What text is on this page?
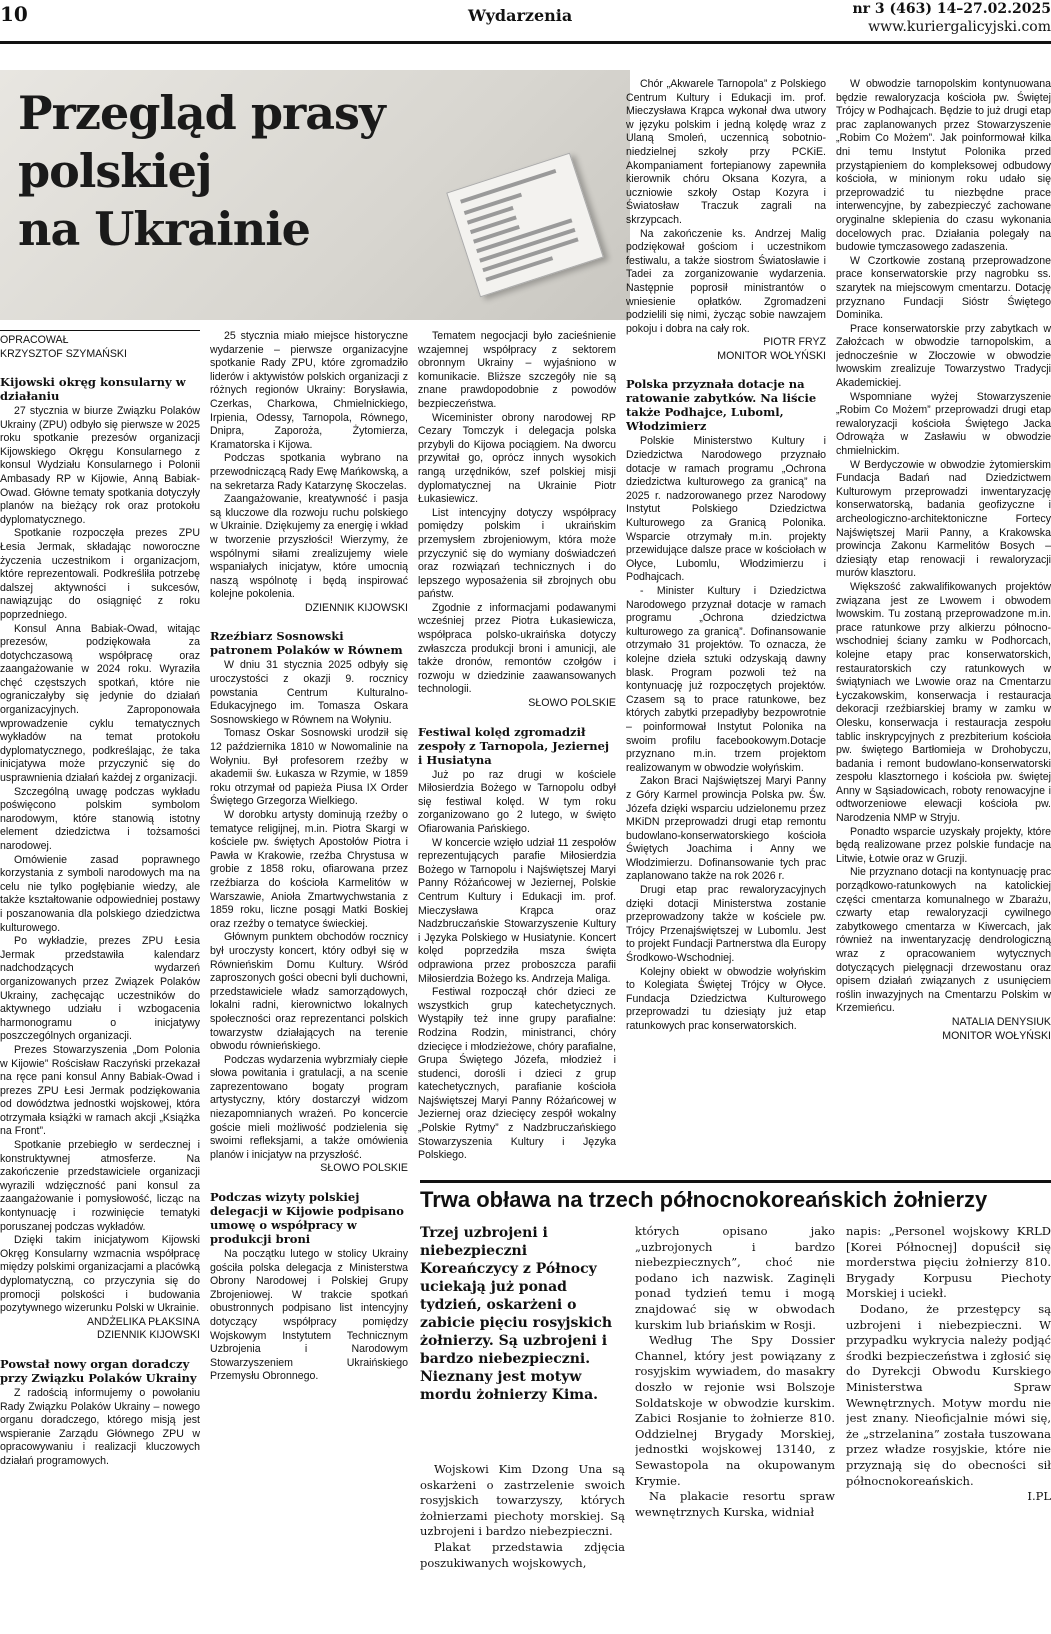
10	Wydarzenia	nr 3 (463) 14–27.02.2025
www.kuriergalicyjski.com
Przegląd prasy
polskiej
na Ukrainie
OPRACOWAŁ
KRZYSZTOF SZYMAŃSKI
Kijowski okręg konsularny w działaniu

27 stycznia w biurze Związku Polaków Ukrainy (ZPU) odbyło się pierwsze w 2025 roku spotkanie prezesów organizacji Kijowskiego Okręgu Konsularnego z konsul Wydziału Konsularnego i Polonii Ambasady RP w Kijowie, Anną Babiak-Owad. Główne tematy spotkania dotyczyły planów na bieżący rok oraz protokołu dyplomatycznego.

Spotkanie rozpoczęła prezes ZPU Łesia Jermak, składając noworoczne życzenia uczestnikom i organizacjom, które reprezentowali. Podkreśliła potrzebę dalszej aktywności i sukcesów, nawiązując do osiągnięć z roku poprzedniego.

Konsul Anna Babiak-Owad, witając prezesów, podziękowała za dotychczasową współpracę oraz zaangażowanie w 2024 roku. Wyraziła chęć częstszych spotkań, które nie ograniczałyby się jedynie do działań organizacyjnych. Zaproponowała wprowadzenie cyklu tematycznych wykładów na temat protokołu dyplomatycznego, podkreślając, że taka inicjatywa może przyczynić się do usprawnienia działań każdej z organizacji.

Szczególną uwagę podczas wykładu poświęcono polskim symbolom narodowym, które stanowią istotny element dziedzictwa i tożsamości narodowej.

Omówienie zasad poprawnego korzystania z symboli narodowych ma na celu nie tylko pogłębianie wiedzy, ale także kształtowanie odpowiedniej postawy i poszanowania dla polskiego dziedzictwa kulturowego.

Po wykładzie, prezes ZPU Łesia Jermak przedstawiła kalendarz nadchodzących wydarzeń organizowanych przez Związek Polaków Ukrainy, zachęcając uczestników do aktywnego udziału i wzbogacenia harmonogramu o inicjatywy poszczególnych organizacji.

Prezes Stowarzyszenia „Dom Polonia w Kijowie” Rościsław Raczyński przekazał na ręce pani konsul Anny Babiak-Owad i prezes ZPU Łesi Jermak podziękowania od dowództwa jednostki wojskowej, która otrzymała książki w ramach akcji „Książka na Front”.

Spotkanie przebiegło w serdecznej i konstruktywnej atmosferze. Na zakończenie przedstawiciele organizacji wyrazili wdzięczność pani konsul za zaangażowanie i pomysłowość, licząc na kontynuację i rozwinięcie tematyki poruszanej podczas wykładów.

Dzięki takim inicjatywom Kijowski Okręg Konsularny wzmacnia współpracę między polskimi organizacjami a placówką dyplomatyczną, co przyczynia się do promocji polskości i budowania pozytywnego wizerunku Polski w Ukrainie.

ANDŻELIKA PŁAKSINA

DZIENNIK KIJOWSKI

Powstał nowy organ doradczy przy Związku Polaków Ukrainy

Z radością informujemy o powołaniu Rady Związku Polaków Ukrainy – nowego organu doradczego, którego misją jest wspieranie Zarządu Głównego ZPU w opracowywaniu i realizacji kluczowych działań programowych.

25 stycznia miało miejsce historyczne wydarzenie – pierwsze organizacyjne spotkanie Rady ZPU, które zgromadziło liderów i aktywistów polskich organizacji z różnych regionów Ukrainy: Borysławia, Czerkas, Charkowa, Chmielnickiego, Irpienia, Odessy, Tarnopola, Równego, Dnipra, Zaporoża, Żytomierza, Kramatorska i Kijowa.

Podczas spotkania wybrano na przewodniczącą Rady Ewę Mańkowską, a na sekretarza Rady Katarzynę Skoczelas.

Zaangażowanie, kreatywność i pasja są kluczowe dla rozwoju ruchu polskiego w Ukrainie. Dziękujemy za energię i wkład w tworzenie przyszłości! Wierzymy, że wspólnymi siłami zrealizujemy wiele wspaniałych inicjatyw, które umocnią naszą wspólnotę i będą inspirować kolejne pokolenia.

DZIENNIK KIJOWSKI

Rzeźbiarz Sosnowski patronem Polaków w Równem

W dniu 31 stycznia 2025 odbyły się uroczystości z okazji 9. rocznicy powstania Centrum Kulturalno-Edukacyjnego im. Tomasza Oskara Sosnowskiego w Równem na Wołyniu.

Tomasz Oskar Sosnowski urodził się 12 października 1810 w Nowomalinie na Wołyniu. Był profesorem rzeźby w akademii św. Łukasza w Rzymie, w 1859 roku otrzymał od papieża Piusa IX Order Świętego Grzegorza Wielkiego.

W dorobku artysty dominują rzeźby o tematyce religijnej, m.in. Piotra Skargi w kościele pw. świętych Apostołów Piotra i Pawła w Krakowie, rzeźba Chrystusa w grobie z 1858 roku, ofiarowana przez rzeźbiarza do kościoła Karmelitów w Warszawie, Anioła Zmartwychwstania z 1859 roku, liczne posągi Matki Boskiej oraz rzeźby o tematyce świeckiej.

Głównym punktem obchodów rocznicy był uroczysty koncert, który odbył się w Równieńskim Domu Kultury. Wśród zaproszonych gości obecni byli duchowni, przedstawiciele władz samorządowych, lokalni radni, kierownictwo lokalnych społeczności oraz reprezentanci polskich towarzystw działających na terenie obwodu równieńskiego.

Podczas wydarzenia wybrzmiały ciepłe słowa powitania i gratulacji, a na scenie zaprezentowano bogaty program artystyczny, który dostarczył widzom niezapomnianych wrażeń. Po koncercie goście mieli możliwość podzielenia się swoimi refleksjami, a także omówienia planów i inicjatyw na przyszłość.

SŁOWO POLSKIE

Podczas wizyty polskiej delegacji w Kijowie podpisano umowę o współpracy w produkcji broni

Na początku lutego w stolicy Ukrainy gościła polska delegacja z Ministerstwa Obrony Narodowej i Polskiej Grupy Zbrojeniowej. W trakcie spotkań obustronnych podpisano list intencyjny dotyczący współpracy pomiędzy Wojskowym Instytutem Technicznym Uzbrojenia i Narodowym Stowarzyszeniem Ukraińskiego Przemysłu Obronnego.

Tematem negocjacji było zacieśnienie wzajemnej współpracy z sektorem obronnym Ukrainy – wyjaśniono w komunikacie. Bliższe szczegóły nie są znane prawdopodobnie z powodów bezpieczeństwa.

Wiceminister obrony narodowej RP Cezary Tomczyk i delegacja polska przybyli do Kijowa pociągiem. Na dworcu przywitał go, oprócz innych wysokich rangą urzędników, szef polskiej misji dyplomatycznej na Ukrainie Piotr Łukasiewicz.

List intencyjny dotyczy współpracy pomiędzy polskim i ukraińskim przemysłem zbrojeniowym, która może przyczynić się do wymiany doświadczeń oraz rozwiązań technicznych i do lepszego wyposażenia sił zbrojnych obu państw.

Zgodnie z informacjami podawanymi wcześniej przez Piotra Łukasiewicza, współpraca polsko-ukraińska dotyczy zwłaszcza produkcji broni i amunicji, ale także dronów, remontów czołgów i rozwoju w dziedzinie zaawansowanych technologii.

SŁOWO POLSKIE

Festiwal kolęd zgromadził zespoły z Tarnopola, Jeziernej i Husiatyna

Już po raz drugi w kościele Miłosierdzia Bożego w Tarnopolu odbył się festiwal kolęd. W tym roku zorganizowano go 2 lutego, w święto Ofiarowania Pańskiego.

W koncercie wzięło udział 11 zespołów reprezentujących parafie Miłosierdzia Bożego w Tarnopolu i Najświętszej Maryi Panny Różańcowej w Jeziernej, Polskie Centrum Kultury i Edukacji im. prof. Mieczysława Krąpca oraz Nadzbruczańskie Stowarzyszenie Kultury i Języka Polskiego w Husiatynie. Koncert kolęd poprzedziła msza święta odprawiona przez proboszcza parafii Miłosierdzia Bożego ks. Andrzeja Maliga.

Festiwal rozpoczął chór dzieci ze wszystkich grup katechetycznych. Wystąpiły też inne grupy parafialne: Rodzina Rodzin, ministranci, chóry dziecięce i młodzieżowe, chóry parafialne, Grupa Świętego Józefa, młodzież i studenci, dorośli i dzieci z grup katechetycznych, parafianie kościoła Najświętszej Maryi Panny Różańcowej w Jeziernej oraz dziecięcy zespół wokalny „Polskie Rytmy” z Nadzbruczańskiego Stowarzyszenia Kultury i Języka Polskiego.

Chór „Akwarele Tarnopola” z Polskiego Centrum Kultury i Edukacji im. prof. Mieczysława Krąpca wykonał dwa utwory w języku polskim i jedną kolędę wraz z Ulaną Smoleń, uczennicą sobotnio-niedzielnej szkoły przy PCKiE. Akompaniament fortepianowy zapewniła kierownik chóru Oksana Kozyra, a uczniowie szkoły Ostap Kozyra i Światosław Traczuk zagrali na skrzypcach.

Na zakończenie ks. Andrzej Malig podziękował gościom i uczestnikom festiwalu, a także siostrom Światosławie i Tadei za zorganizowanie wydarzenia. Następnie poprosił ministrantów o wniesienie opłatków. Zgromadzeni podzielili się nimi, życząc sobie nawzajem pokoju i dobra na cały rok.

PIOTR FRYZ

MONITOR WOŁYŃSKI

Polska przyznała dotacje na ratowanie zabytków. Na liście także Podhajce, Luboml, Włodzimierz

Polskie Ministerstwo Kultury i Dziedzictwa Narodowego przyznało dotacje w ramach programu „Ochrona dziedzictwa kulturowego za granicą” na 2025 r. nadzorowanego przez Narodowy Instytut Polskiego Dziedzictwa Kulturowego za Granicą Polonika. Wsparcie otrzymały m.in. projekty przewidujące dalsze prace w kościołach w Ołyce, Lubomlu, Włodzimierzu i Podhajcach.

- Minister Kultury i Dziedzictwa Narodowego przyznał dotacje w ramach programu „Ochrona dziedzictwa kulturowego za granicą”. Dofinansowanie otrzymało 31 projektów. To oznacza, że kolejne dzieła sztuki odzyskają dawny blask. Program pozwoli też na kontynuację już rozpoczętych projektów. Czasem są to prace ratunkowe, bez których zabytki przepadłyby bezpowrotnie – poinformował Instytut Polonika na swoim profilu facebookowym.Dotacje przyznano m.in. trzem projektom realizowanym w obwodzie wołyńskim.

Zakon Braci Najświętszej Maryi Panny z Góry Karmel prowincja Polska pw. Św. Józefa dzięki wsparciu udzielonemu przez MKiDN przeprowadzi drugi etap remontu budowlano-konserwatorskiego kościoła Świętych Joachima i Anny we Włodzimierzu. Dofinansowanie tych prac zaplanowano także na rok 2026 r.

Drugi etap prac rewaloryzacyjnych dzięki dotacji Ministerstwa zostanie przeprowadzony także w kościele pw. Trójcy Przenajświętszej w Lubomlu. Jest to projekt Fundacji Partnerstwa dla Europy Środkowo-Wschodniej.

Kolejny obiekt w obwodzie wołyńskim to Kolegiata Świętej Trójcy w Ołyce. Fundacja Dziedzictwa Kulturowego przeprowadzi tu dziesiąty już etap ratunkowych prac konserwatorskich.

W obwodzie tarnopolskim kontynuowana będzie rewaloryzacja kościoła pw. Świętej Trójcy w Podhajcach. Będzie to już drugi etap prac zaplanowanych przez Stowarzyszenie „Robim Co Możem”. Jak poinformował kilka dni temu Instytut Polonika przed przystąpieniem do kompleksowej odbudowy kościoła, w minionym roku udało się przeprowadzić tu niezbędne prace interwencyjne, by zabezpieczyć zachowane oryginalne sklepienia do czasu wykonania docelowych prac. Działania polegały na budowie tymczasowego zadaszenia.

W Czortkowie zostaną przeprowadzone prace konserwatorskie przy nagrobku ss. szarytek na miejscowym cmentarzu. Dotację przyznano Fundacji Sióstr Świętego Dominika.

Prace konserwatorskie przy zabytkach w Załoźcach w obwodzie tarnopolskim, a jednocześnie w Złoczowie w obwodzie lwowskim zrealizuje Towarzystwo Tradycji Akademickiej.

Wspomniane wyżej Stowarzyszenie „Robim Co Możem” przeprowadzi drugi etap rewaloryzacji kościoła Świętego Jacka Odrowąża w Zasławiu w obwodzie chmielnickim.

W Berdyczowie w obwodzie żytomierskim Fundacja Badań nad Dziedzictwem Kulturowym przeprowadzi inwentaryzację konserwatorską, badania geofizyczne i archeologiczno-architektoniczne Fortecy Najświętszej Marii Panny, a Krakowska prowincja Zakonu Karmelitów Bosych – dziesiąty etap renowacji i rewaloryzacji murów klasztoru.

Większość zakwalifikowanych projektów związana jest ze Lwowem i obwodem lwowskim. Tu zostaną przeprowadzone m.in. prace ratunkowe przy alkierzu północno-wschodniej ściany zamku w Podhorcach, kolejne etapy prac konserwatorskich, restauratorskich czy ratunkowych w świątyniach we Lwowie oraz na Cmentarzu Łyczakowskim, konserwacja i restauracja dekoracji rzeźbiarskiej bramy w zamku w Olesku, konserwacja i restauracja zespołu tablic inskrypcyjnych z prezbiterium kościoła pw. świętego Bartłomieja w Drohobyczu, badania i remont budowlano-konserwatorski zespołu klasztornego i kościoła pw. świętej Anny w Sąsiadowicach, roboty renowacyjne i odtworzeniowe elewacji kościoła pw. Narodzenia NMP w Stryju.

Ponadto wsparcie uzyskały projekty, które będą realizowane przez polskie fundacje na Litwie, Łotwie oraz w Gruzji.

Nie przyznano dotacji na kontynuację prac porządkowo-ratunkowych na katolickiej części cmentarza komunalnego w Zbarażu, czwarty etap rewaloryzacji cywilnego zabytkowego cmentarza w Kiwercach, jak również na inwentaryzację dendrologiczną wraz z opracowaniem wytycznych dotyczących pielęgnacji drzewostanu oraz opisem działań związanych z usunięciem roślin inwazyjnych na Cmentarzu Polskim w Krzemieńcu.

NATALIA DENYSIUK

MONITOR WOŁYŃSKI

Trwa obława na trzech północnokoreańskich żołnierzy
Trzej uzbrojeni i niebezpieczni Koreańczycy z Północy uciekają już ponad tydzień, oskarżeni o zabicie pięciu rosyjskich żołnierzy. Są uzbrojeni i bardzo niebezpieczni. Nieznany jest motyw mordu żołnierzy Kima.

Wojskowi Kim Dzong Una są oskarżeni o zastrzelenie swoich rosyjskich towarzyszy, których żołnierzami piechoty morskiej. Są uzbrojeni i bardzo niebezpieczni.

Plakat przedstawia zdjęcia poszukiwanych wojskowych,

których opisano jako „uzbrojonych i bardzo niebezpiecznych”, choć nie podano ich nazwisk. Zaginęli ponad tydzień temu i mogą znajdować się w obwodach kurskim lub briańskim w Rosji.

Według The Spy Dossier Channel, który jest powiązany z rosyjskim wywiadem, do masakry doszło w rejonie wsi Bolszoje Soldatskoje w obwodzie kurskim. Zabici Rosjanie to żołnierze 810. Oddzielnej Brygady Morskiej, jednostki wojskowej 13140, z Sewastopola na okupowanym Krymie.

Na plakacie resortu spraw wewnętrznych Kurska, widniał

napis: „Personel wojskowy KRLD [Korei Północnej] dopuścił się morderstwa pięciu żołnierzy 810. Brygady Korpusu Piechoty Morskiej i uciekł.

Dodano, że przestępcy są uzbrojeni i niebezpieczni. W przypadku wykrycia należy podjąć środki bezpieczeństwa i zgłosić się do Dyrekcji Obwodu Kurskiego Ministerstwa Spraw Wewnętrznych. Motyw mordu nie jest znany. Nieoficjalnie mówi się, że „strzelanina” została tuszowana przez władze rosyjskie, które nie przyznają się do obecności sił północnokoreańskich.

I.PL
